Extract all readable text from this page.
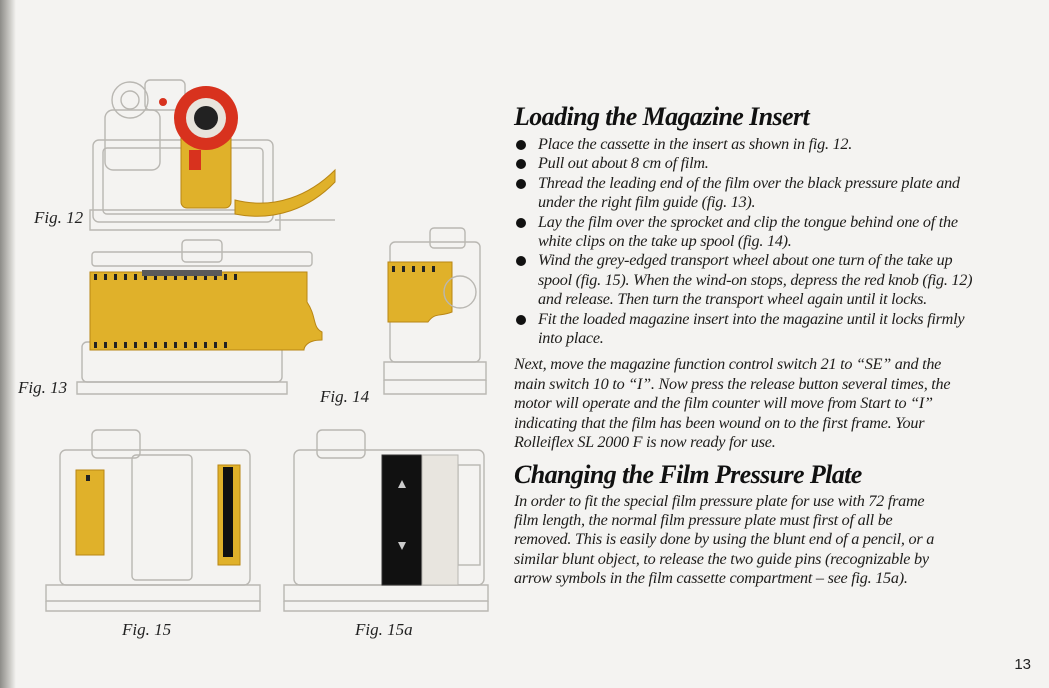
Fig. 12
Fig. 13	Fig. 14
Fig. 15	Fig. 15a
Loading the Magazine Insert
Place the cassette in the insert as shown in fig. 12.
Pull out about 8 cm of film.
Thread the leading end of the film over the black pressure plate and under the right film guide (fig. 13).
Lay the film over the sprocket and clip the tongue behind one of the white clips on the take up spool (fig. 14).
Wind the grey-edged transport wheel about one turn of the take up spool (fig. 15). When the wind-on stops, depress the red knob (fig. 12) and release. Then turn the transport wheel again until it locks.
Fit the loaded magazine insert into the magazine until it locks firmly into place.

Next, move the magazine function control switch 21 to “SE” and the main switch 10 to “I”. Now press the release button several times, the motor will operate and the film counter will move from Start to “I” indicating that the film has been wound on to the first frame. Your Rolleiflex SL 2000 F is now ready for use.

Changing the Film Pressure Plate

In order to fit the special film pressure plate for use with 72 frame film length, the normal film pressure plate must first of all be removed. This is easily done by using the blunt end of a pencil, or a similar blunt object, to release the two guide pins (recognizable by arrow symbols in the film cassette compartment – see fig. 15a).

13
